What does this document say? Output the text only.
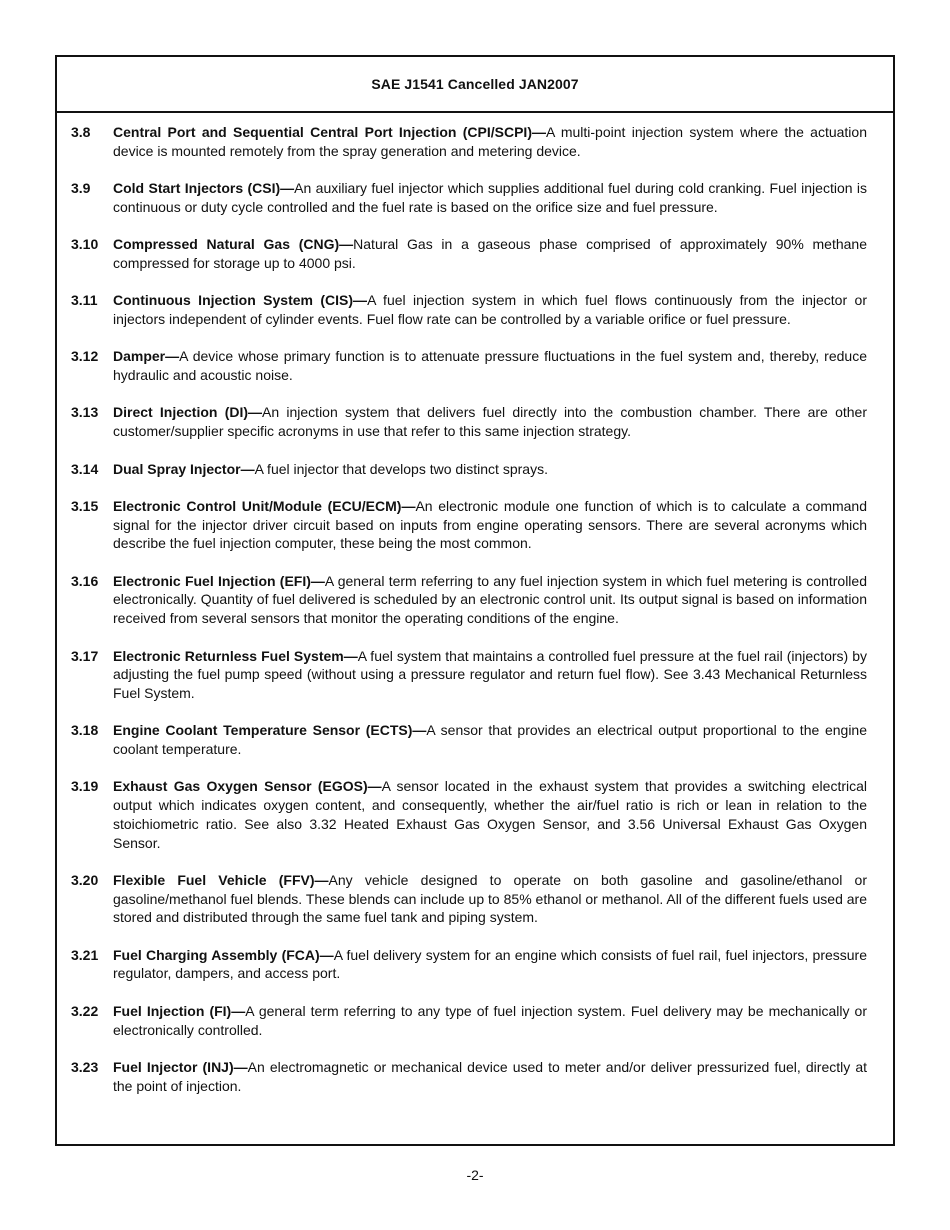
SAE J1541 Cancelled JAN2007
3.8	Central Port and Sequential Central Port Injection (CPI/SCPI)—A multi-point injection system where the actuation device is mounted remotely from the spray generation and metering device.
3.9	Cold Start Injectors (CSI)—An auxiliary fuel injector which supplies additional fuel during cold cranking. Fuel injection is continuous or duty cycle controlled and the fuel rate is based on the orifice size and fuel pressure.
3.10	Compressed Natural Gas (CNG)—Natural Gas in a gaseous phase comprised of approximately 90% methane compressed for storage up to 4000 psi.
3.11	Continuous Injection System (CIS)—A fuel injection system in which fuel flows continuously from the injector or injectors independent of cylinder events. Fuel flow rate can be controlled by a variable orifice or fuel pressure.
3.12	Damper—A device whose primary function is to attenuate pressure fluctuations in the fuel system and, thereby, reduce hydraulic and acoustic noise.
3.13	Direct Injection (DI)—An injection system that delivers fuel directly into the combustion chamber. There are other customer/supplier specific acronyms in use that refer to this same injection strategy.
3.14	Dual Spray Injector—A fuel injector that develops two distinct sprays.
3.15	Electronic Control Unit/Module (ECU/ECM)—An electronic module one function of which is to calculate a command signal for the injector driver circuit based on inputs from engine operating sensors. There are several acronyms which describe the fuel injection computer, these being the most common.
3.16	Electronic Fuel Injection (EFI)—A general term referring to any fuel injection system in which fuel metering is controlled electronically. Quantity of fuel delivered is scheduled by an electronic control unit. Its output signal is based on information received from several sensors that monitor the operating conditions of the engine.
3.17	Electronic Returnless Fuel System—A fuel system that maintains a controlled fuel pressure at the fuel rail (injectors) by adjusting the fuel pump speed (without using a pressure regulator and return fuel flow). See 3.43 Mechanical Returnless Fuel System.
3.18	Engine Coolant Temperature Sensor (ECTS)—A sensor that provides an electrical output proportional to the engine coolant temperature.
3.19	Exhaust Gas Oxygen Sensor (EGOS)—A sensor located in the exhaust system that provides a switching electrical output which indicates oxygen content, and consequently, whether the air/fuel ratio is rich or lean in relation to the stoichiometric ratio. See also 3.32 Heated Exhaust Gas Oxygen Sensor, and 3.56 Universal Exhaust Gas Oxygen Sensor.
3.20	Flexible Fuel Vehicle (FFV)—Any vehicle designed to operate on both gasoline and gasoline/ethanol or gasoline/methanol fuel blends. These blends can include up to 85% ethanol or methanol. All of the different fuels used are stored and distributed through the same fuel tank and piping system.
3.21	Fuel Charging Assembly (FCA)—A fuel delivery system for an engine which consists of fuel rail, fuel injectors, pressure regulator, dampers, and access port.
3.22	Fuel Injection (FI)—A general term referring to any type of fuel injection system. Fuel delivery may be mechanically or electronically controlled.
3.23	Fuel Injector (INJ)—An electromagnetic or mechanical device used to meter and/or deliver pressurized fuel, directly at the point of injection.
-2-
